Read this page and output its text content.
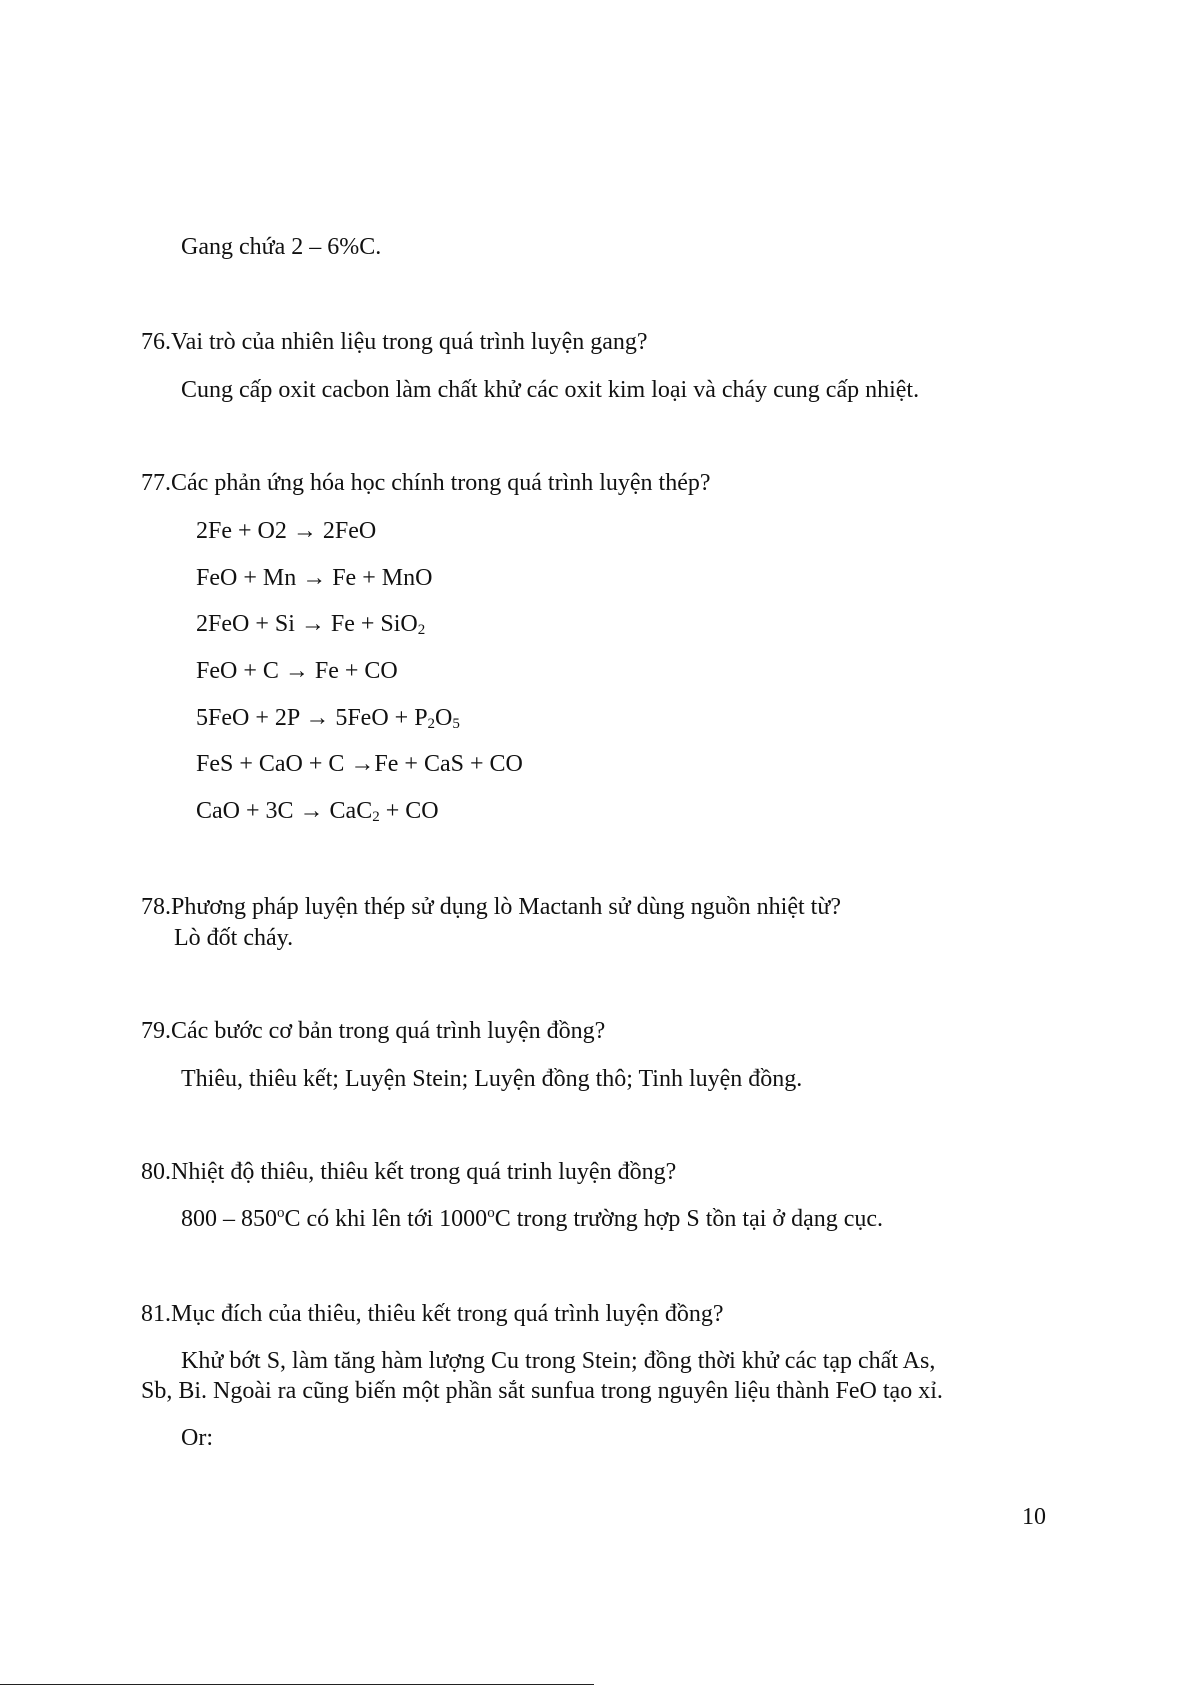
Gang chứa 2 – 6%C.
76.Vai trò của nhiên liệu trong quá trình luyện gang?
Cung cấp oxit cacbon làm chất khử các oxit kim loại và cháy cung cấp nhiệt.
77.Các phản ứng hóa học chính trong quá trình luyện thép?
2Fe + O2 → 2FeO
FeO + Mn → Fe + MnO
2FeO + Si → Fe + SiO$_2$
FeO + C → Fe + CO
$5FeO + 2P \to 5FeO + P_2O_5$
FeS + CaO + C →Fe + CaS + CO
CaO + 3C → CaC$_2$ + CO
78.Phương pháp luyện thép sử dụng lò Mactanh sử dùng nguồn nhiệt từ?
Lò đốt cháy.
79.Các bước cơ bản trong quá trình luyện đồng?
Thiêu, thiêu kết; Luyện Stein; Luyện đồng thô; Tinh luyện đồng.
80.Nhiệt độ thiêu, thiêu kết trong quá trinh luyện đồng?
800 – 850$^o$C có khi lên tới 1000$^o$C trong trường hợp S tồn tại ở dạng cục.
81.Mục đích của thiêu, thiêu kết trong quá trình luyện đồng?
Khử bớt S, làm tăng hàm lượng Cu trong Stein; đồng thời khử các tạp chất As,
Sb, Bi. Ngoài ra cũng biến một phần sắt sunfua trong nguyên liệu thành FeO tạo xỉ.
Or:
10
